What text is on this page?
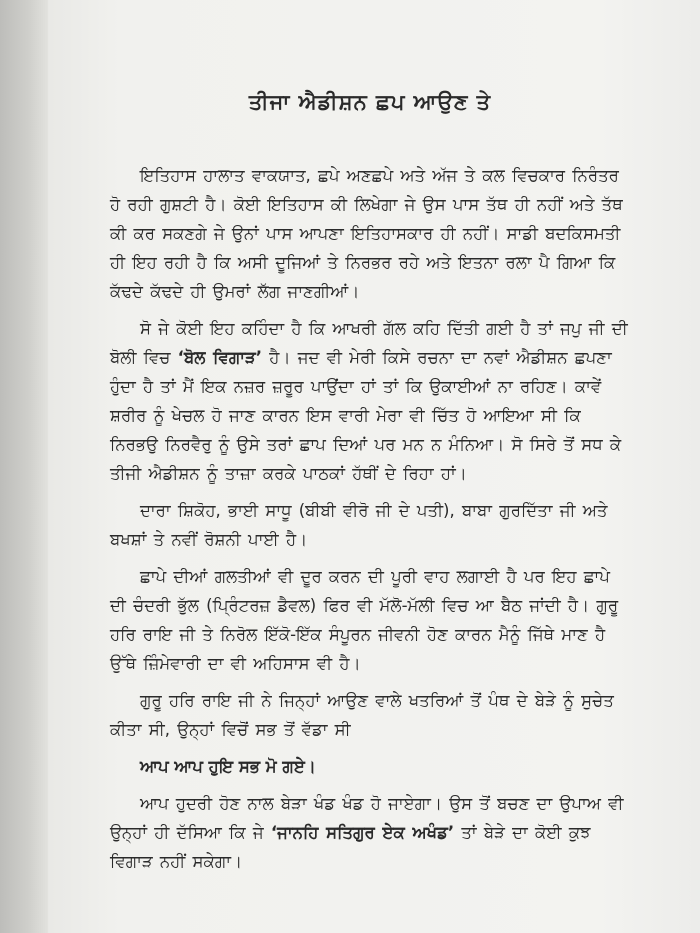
ਤੀਜਾ ਐਡੀਸ਼ਨ ਛਪ ਆਉਣ ਤੇ

ਇਤਿਹਾਸ ਹਾਲਾਤ ਵਾਕਯਾਤ, ਛਪੇ ਅਣਛਪੇ ਅਤੇ ਅੱਜ ਤੇ ਕਲ ਵਿਚਕਾਰ ਨਿਰੰਤਰ ਹੋ ਰਹੀ ਗੁਸ਼ਟੀ ਹੈ। ਕੋਈ ਇਤਿਹਾਸ ਕੀ ਲਿਖੇਗਾ ਜੇ ਉਸ ਪਾਸ ਤੱਥ ਹੀ ਨਹੀਂ ਅਤੇ ਤੱਥ ਕੀ ਕਰ ਸਕਣਗੇ ਜੇ ਉਨਾਂ ਪਾਸ ਆਪਣਾ ਇਤਿਹਾਸਕਾਰ ਹੀ ਨਹੀਂ। ਸਾਡੀ ਬਦਕਿਸਮਤੀ ਹੀ ਇਹ ਰਹੀ ਹੈ ਕਿ ਅਸੀ ਦੂਜਿਆਂ ਤੇ ਨਿਰਭਰ ਰਹੇ ਅਤੇ ਇਤਨਾ ਰਲਾ ਪੈ ਗਿਆ ਕਿ ਕੱਢਦੇ ਕੱਢਦੇ ਹੀ ਉਮਰਾਂ ਲੱਗ ਜਾਣਗੀਆਂ।

ਸੋ ਜੇ ਕੋਈ ਇਹ ਕਹਿੰਦਾ ਹੈ ਕਿ ਆਖਰੀ ਗੱਲ ਕਹਿ ਦਿੱਤੀ ਗਈ ਹੈ ਤਾਂ ਜਪੁ ਜੀ ਦੀ ਬੋਲੀ ਵਿਚ ‘ਬੋਲ ਵਿਗਾੜ’ ਹੈ। ਜਦ ਵੀ ਮੇਰੀ ਕਿਸੇ ਰਚਨਾ ਦਾ ਨਵਾਂ ਐਡੀਸ਼ਨ ਛਪਣਾ ਹੁੰਦਾ ਹੈ ਤਾਂ ਮੈਂ ਇਕ ਨਜ਼ਰ ਜ਼ਰੂਰ ਪਾਉਂਦਾ ਹਾਂ ਤਾਂ ਕਿ ਉਕਾਈਆਂ ਨਾ ਰਹਿਣ। ਕਾਵੇਂ ਸ਼ਰੀਰ ਨੂੰ ਖੇਚਲ ਹੋ ਜਾਣ ਕਾਰਨ ਇਸ ਵਾਰੀ ਮੇਰਾ ਵੀ ਚਿੱਤ ਹੋ ਆਇਆ ਸੀ ਕਿ ਨਿਰਭਉ ਨਿਰਵੈਰੁ ਨੂੰ ਉਸੇ ਤਰਾਂ ਛਾਪ ਦਿਆਂ ਪਰ ਮਨ ਨ ਮੰਨਿਆ। ਸੋ ਸਿਰੇ ਤੋਂ ਸਧ ਕੇ ਤੀਜੀ ਐਡੀਸ਼ਨ ਨੂੰ ਤਾਜ਼ਾ ਕਰਕੇ ਪਾਠਕਾਂ ਹੱਥੀਂ ਦੇ ਰਿਹਾ ਹਾਂ।

ਦਾਰਾ ਸ਼ਿਕੋਹ, ਭਾਈ ਸਾਧੂ (ਬੀਬੀ ਵੀਰੋ ਜੀ ਦੇ ਪਤੀ), ਬਾਬਾ ਗੁਰਦਿੱਤਾ ਜੀ ਅਤੇ ਬਖਸ਼ਾਂ ਤੇ ਨਵੀਂ ਰੋਸ਼ਨੀ ਪਾਈ ਹੈ।

ਛਾਪੇ ਦੀਆਂ ਗਲਤੀਆਂ ਵੀ ਦੂਰ ਕਰਨ ਦੀ ਪੂਰੀ ਵਾਹ ਲਗਾਈ ਹੈ ਪਰ ਇਹ ਛਾਪੇ ਦੀ ਚੰਦਰੀ ਭੁੱਲ (ਪ੍ਰਿੰਟਰਜ਼ ਡੈਵਲ) ਫਿਰ ਵੀ ਮੱਲੋ-ਮੱਲੀ ਵਿਚ ਆ ਬੈਠ ਜਾਂਦੀ ਹੈ। ਗੁਰੂ ਹਰਿ ਰਾਇ ਜੀ ਤੇ ਨਿਰੋਲ ਇੱਕੋ-ਇੱਕ ਸੰਪੂਰਨ ਜੀਵਨੀ ਹੋਣ ਕਾਰਨ ਮੈਨੂੰ ਜਿੱਥੇ ਮਾਣ ਹੈ ਉੱਥੇ ਜ਼ਿੰਮੇਵਾਰੀ ਦਾ ਵੀ ਅਹਿਸਾਸ ਵੀ ਹੈ।

ਗੁਰੂ ਹਰਿ ਰਾਇ ਜੀ ਨੇ ਜਿਨ੍ਹਾਂ ਆਉਣ ਵਾਲੇ ਖਤਰਿਆਂ ਤੋਂ ਪੰਥ ਦੇ ਬੇੜੇ ਨੂੰ ਸੁਚੇਤ ਕੀਤਾ ਸੀ, ਉਨ੍ਹਾਂ ਵਿਚੋਂ ਸਭ ਤੋਂ ਵੱਡਾ ਸੀ

ਆਪ ਆਪ ਹੁਇ ਸਭ ਮੋ ਗਏ।

ਆਪ ਹੁਦਰੀ ਹੋਣ ਨਾਲ ਬੇੜਾ ਖੰਡ ਖੰਡ ਹੋ ਜਾਏਗਾ। ਉਸ ਤੋਂ ਬਚਣ ਦਾ ਉਪਾਅ ਵੀ ਉਨ੍ਹਾਂ ਹੀ ਦੱਸਿਆ ਕਿ ਜੇ ‘ਜਾਨਹਿ ਸਤਿਗੁਰ ਏਕ ਅਖੰਡ’ ਤਾਂ ਬੇੜੇ ਦਾ ਕੋਈ ਕੁਝ ਵਿਗਾੜ ਨਹੀਂ ਸਕੇਗਾ।
